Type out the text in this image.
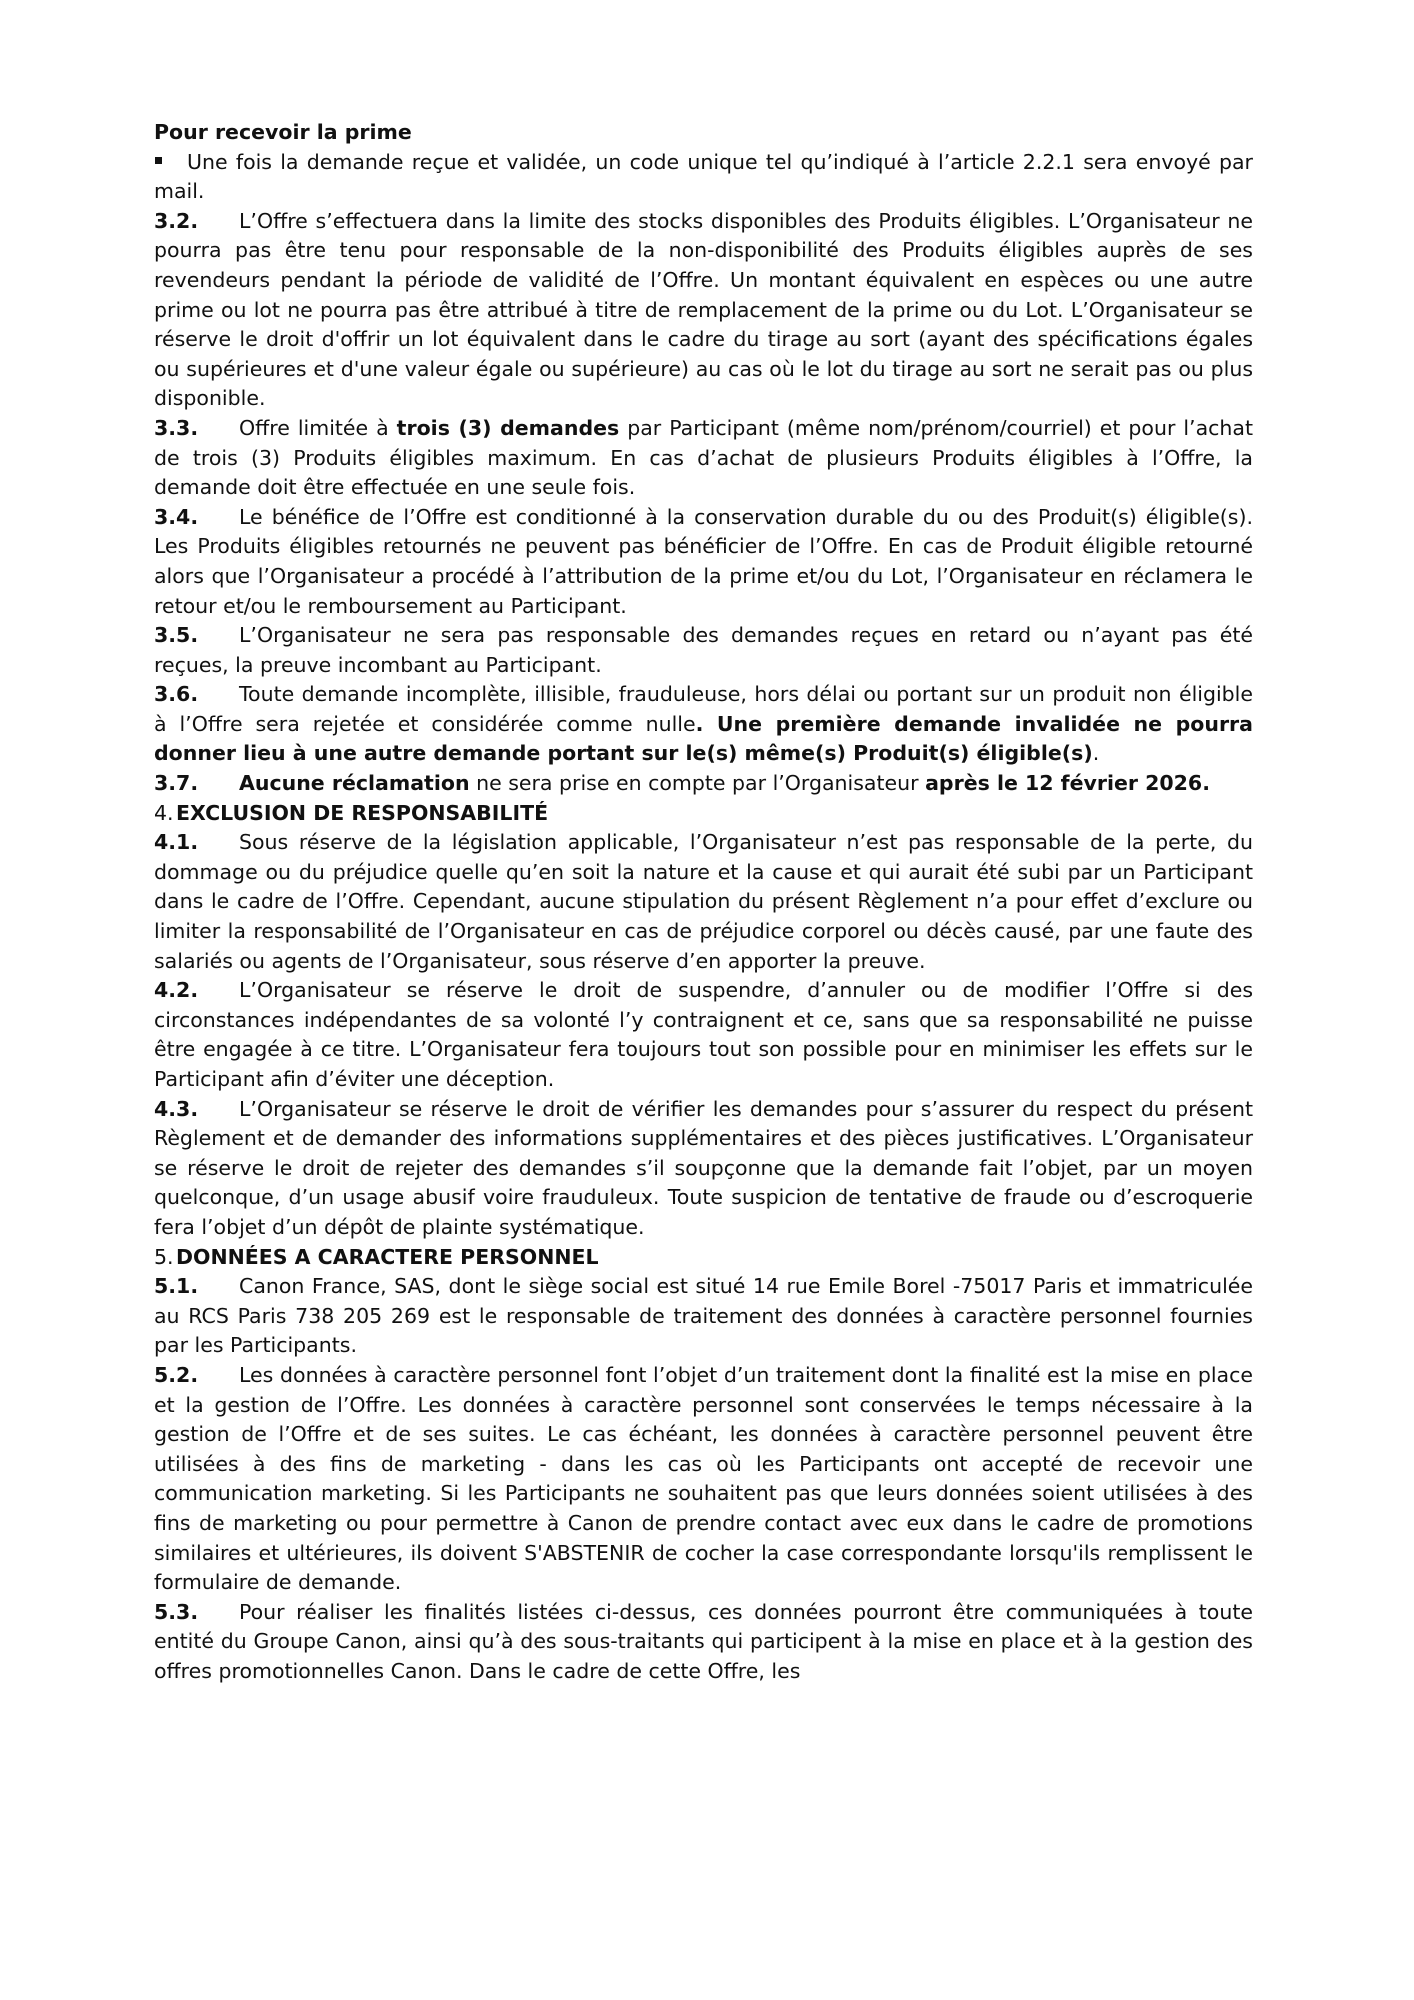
Pour recevoir la prime

Une fois la demande reçue et validée, un code unique tel qu’indiqué à l’article 2.2.1 sera envoyé par mail.

3.2. L’Offre s’effectuera dans la limite des stocks disponibles des Produits éligibles. L’Organisateur ne pourra pas être tenu pour responsable de la non-disponibilité des Produits éligibles auprès de ses revendeurs pendant la période de validité de l’Offre. Un montant équivalent en espèces ou une autre prime ou lot ne pourra pas être attribué à titre de remplacement de la prime ou du Lot. L’Organisateur se réserve le droit d'offrir un lot équivalent dans le cadre du tirage au sort (ayant des spécifications égales ou supérieures et d'une valeur égale ou supérieure) au cas où le lot du tirage au sort ne serait pas ou plus disponible.

3.3. Offre limitée à trois (3) demandes par Participant (même nom/prénom/courriel) et pour l’achat de trois (3) Produits éligibles maximum. En cas d’achat de plusieurs Produits éligibles à l’Offre, la demande doit être effectuée en une seule fois.

3.4. Le bénéfice de l’Offre est conditionné à la conservation durable du ou des Produit(s) éligible(s). Les Produits éligibles retournés ne peuvent pas bénéficier de l’Offre. En cas de Produit éligible retourné alors que l’Organisateur a procédé à l’attribution de la prime et/ou du Lot, l’Organisateur en réclamera le retour et/ou le remboursement au Participant.

3.5. L’Organisateur ne sera pas responsable des demandes reçues en retard ou n’ayant pas été reçues, la preuve incombant au Participant.

3.6. Toute demande incomplète, illisible, frauduleuse, hors délai ou portant sur un produit non éligible à l’Offre sera rejetée et considérée comme nulle. Une première demande invalidée ne pourra donner lieu à une autre demande portant sur le(s) même(s) Produit(s) éligible(s).

3.7. Aucune réclamation ne sera prise en compte par l’Organisateur après le 12 février 2026.

4. EXCLUSION DE RESPONSABILITÉ

4.1. Sous réserve de la législation applicable, l’Organisateur n’est pas responsable de la perte, du dommage ou du préjudice quelle qu’en soit la nature et la cause et qui aurait été subi par un Participant dans le cadre de l’Offre. Cependant, aucune stipulation du présent Règlement n’a pour effet d’exclure ou limiter la responsabilité de l’Organisateur en cas de préjudice corporel ou décès causé, par une faute des salariés ou agents de l’Organisateur, sous réserve d’en apporter la preuve.

4.2. L’Organisateur se réserve le droit de suspendre, d’annuler ou de modifier l’Offre si des circonstances indépendantes de sa volonté l’y contraignent et ce, sans que sa responsabilité ne puisse être engagée à ce titre. L’Organisateur fera toujours tout son possible pour en minimiser les effets sur le Participant afin d’éviter une déception.

4.3. L’Organisateur se réserve le droit de vérifier les demandes pour s’assurer du respect du présent Règlement et de demander des informations supplémentaires et des pièces justificatives. L’Organisateur se réserve le droit de rejeter des demandes s’il soupçonne que la demande fait l’objet, par un moyen quelconque, d’un usage abusif voire frauduleux. Toute suspicion de tentative de fraude ou d’escroquerie fera l’objet d’un dépôt de plainte systématique.

5. DONNÉES A CARACTERE PERSONNEL

5.1. Canon France, SAS, dont le siège social est situé 14 rue Emile Borel -75017 Paris et immatriculée au RCS Paris 738 205 269 est le responsable de traitement des données à caractère personnel fournies par les Participants.

5.2. Les données à caractère personnel font l’objet d’un traitement dont la finalité est la mise en place et la gestion de l’Offre. Les données à caractère personnel sont conservées le temps nécessaire à la gestion de l’Offre et de ses suites. Le cas échéant, les données à caractère personnel peuvent être utilisées à des fins de marketing - dans les cas où les Participants ont accepté de recevoir une communication marketing. Si les Participants ne souhaitent pas que leurs données soient utilisées à des fins de marketing ou pour permettre à Canon de prendre contact avec eux dans le cadre de promotions similaires et ultérieures, ils doivent S'ABSTENIR de cocher la case correspondante lorsqu'ils remplissent le formulaire de demande.

5.3. Pour réaliser les finalités listées ci-dessus, ces données pourront être communiquées à toute entité du Groupe Canon, ainsi qu’à des sous-traitants qui participent à la mise en place et à la gestion des offres promotionnelles Canon. Dans le cadre de cette Offre, les
